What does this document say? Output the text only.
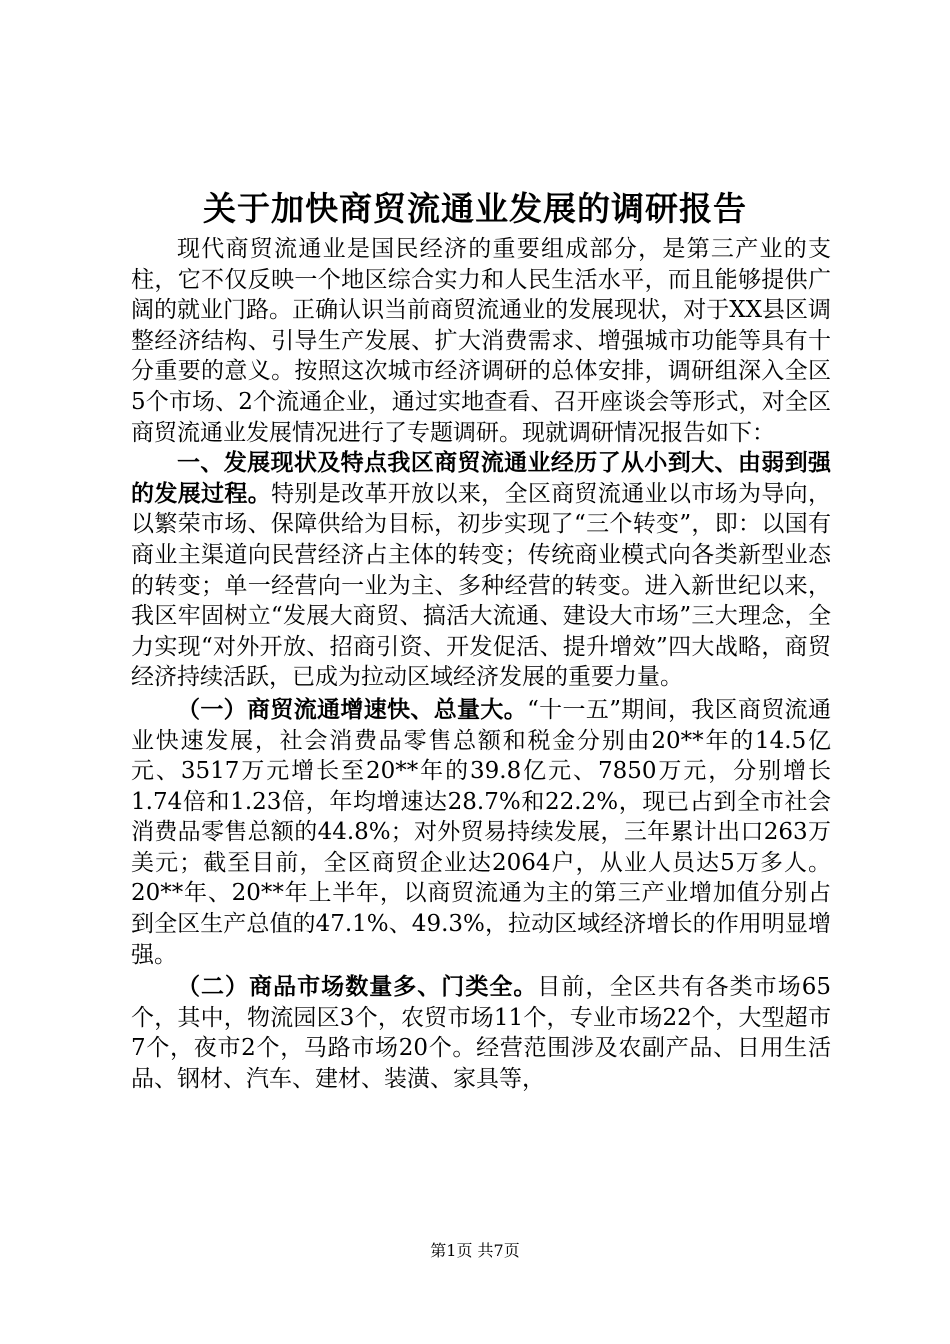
关于加快商贸流通业发展的调研报告

现代商贸流通业是国民经济的重要组成部分，是第三产业的支柱，它不仅反映一个地区综合实力和人民生活水平，而且能够提供广阔的就业门路。正确认识当前商贸流通业的发展现状，对于XX县区调整经济结构、引导生产发展、扩大消费需求、增强城市功能等具有十分重要的意义。按照这次城市经济调研的总体安排，调研组深入全区5个市场、2个流通企业，通过实地查看、召开座谈会等形式，对全区商贸流通业发展情况进行了专题调研。现就调研情况报告如下：

一、发展现状及特点我区商贸流通业经历了从小到大、由弱到强的发展过程。特别是改革开放以来，全区商贸流通业以市场为导向，以繁荣市场、保障供给为目标，初步实现了“三个转变”，即：以国有商业主渠道向民营经济占主体的转变；传统商业模式向各类新型业态的转变；单一经营向一业为主、多种经营的转变。进入新世纪以来，我区牢固树立“发展大商贸、搞活大流通、建设大市场”三大理念，全力实现“对外开放、招商引资、开发促活、提升增效”四大战略，商贸经济持续活跃，已成为拉动区域经济发展的重要力量。

（一）商贸流通增速快、总量大。“十一五”期间，我区商贸流通业快速发展，社会消费品零售总额和税金分别由20**年的14.5亿元、3517万元增长至20**年的39.8亿元、7850万元，分别增长1.74倍和1.23倍，年均增速达28.7%和22.2%，现已占到全市社会消费品零售总额的44.8%；对外贸易持续发展，三年累计出口263万美元；截至目前，全区商贸企业达2064户，从业人员达5万多人。20**年、20**年上半年，以商贸流通为主的第三产业增加值分别占到全区生产总值的47.1%、49.3%，拉动区域经济增长的作用明显增强。

（二）商品市场数量多、门类全。目前，全区共有各类市场65个，其中，物流园区3个，农贸市场11个，专业市场22个，大型超市7个，夜市2个，马路市场20个。经营范围涉及农副产品、日用生活品、钢材、汽车、建材、装潢、家具等，

第1页 共7页
